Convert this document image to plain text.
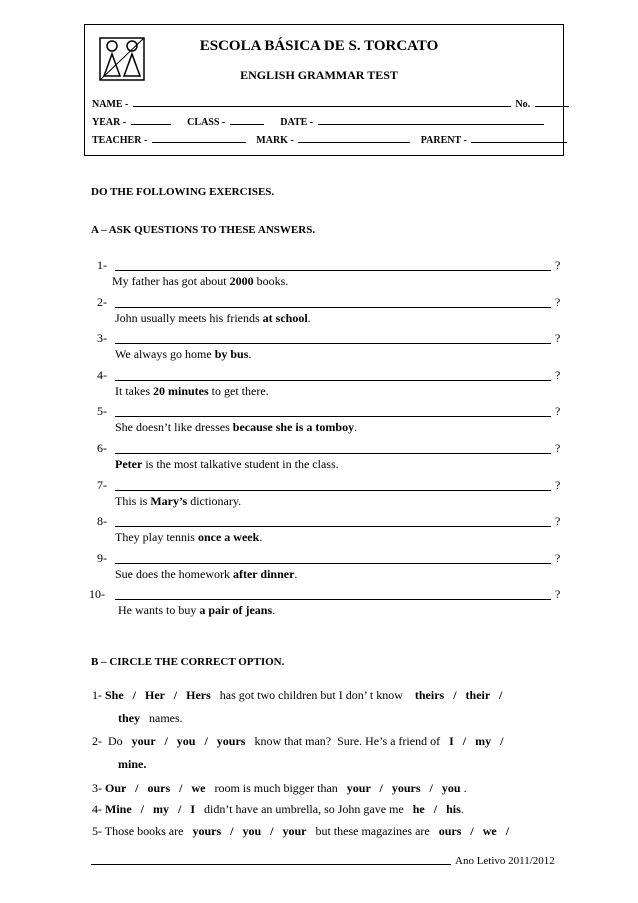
ESCOLA BÁSICA DE S. TORCATO
ENGLISH GRAMMAR TEST
NAME -	No.
YEAR -	CLASS -	DATE -
TEACHER -	MARK -	PARENT -
DO THE FOLLOWING EXERCISES.
A – ASK QUESTIONS TO THESE ANSWERS.
1-	?
My father has got about 2000 books.
2-	?
John usually meets his friends at school.
3-	?
We always go home by bus.
4-	?
It takes 20 minutes to get there.
5-	?
She doesn’t like dresses because she is a tomboy.
6-	?
Peter is the most talkative student in the class.
7-	?
This is Mary’s dictionary.
8-	?
They play tennis once a week.
9-	?
Sue does the homework after dinner.
10-	?
He wants to buy a pair of jeans.
B – CIRCLE THE CORRECT OPTION.
1- She   /   Her   /   Hers   has got two children but I don’ t know    theirs   /   their   /
they   names.
2-  Do   your   /   you   /   yours   know that man?  Sure. He’s a friend of   I   /   my   /
mine.
3- Our   /   ours   /   we   room is much bigger than   your   /   yours   /   you .
4- Mine   /   my   /   I   didn’t have an umbrella, so John gave me   he   /   his.
5- Those books are   yours   /   you   /   your   but these magazines are   ours   /   we   /
Ano Letivo 2011/2012
